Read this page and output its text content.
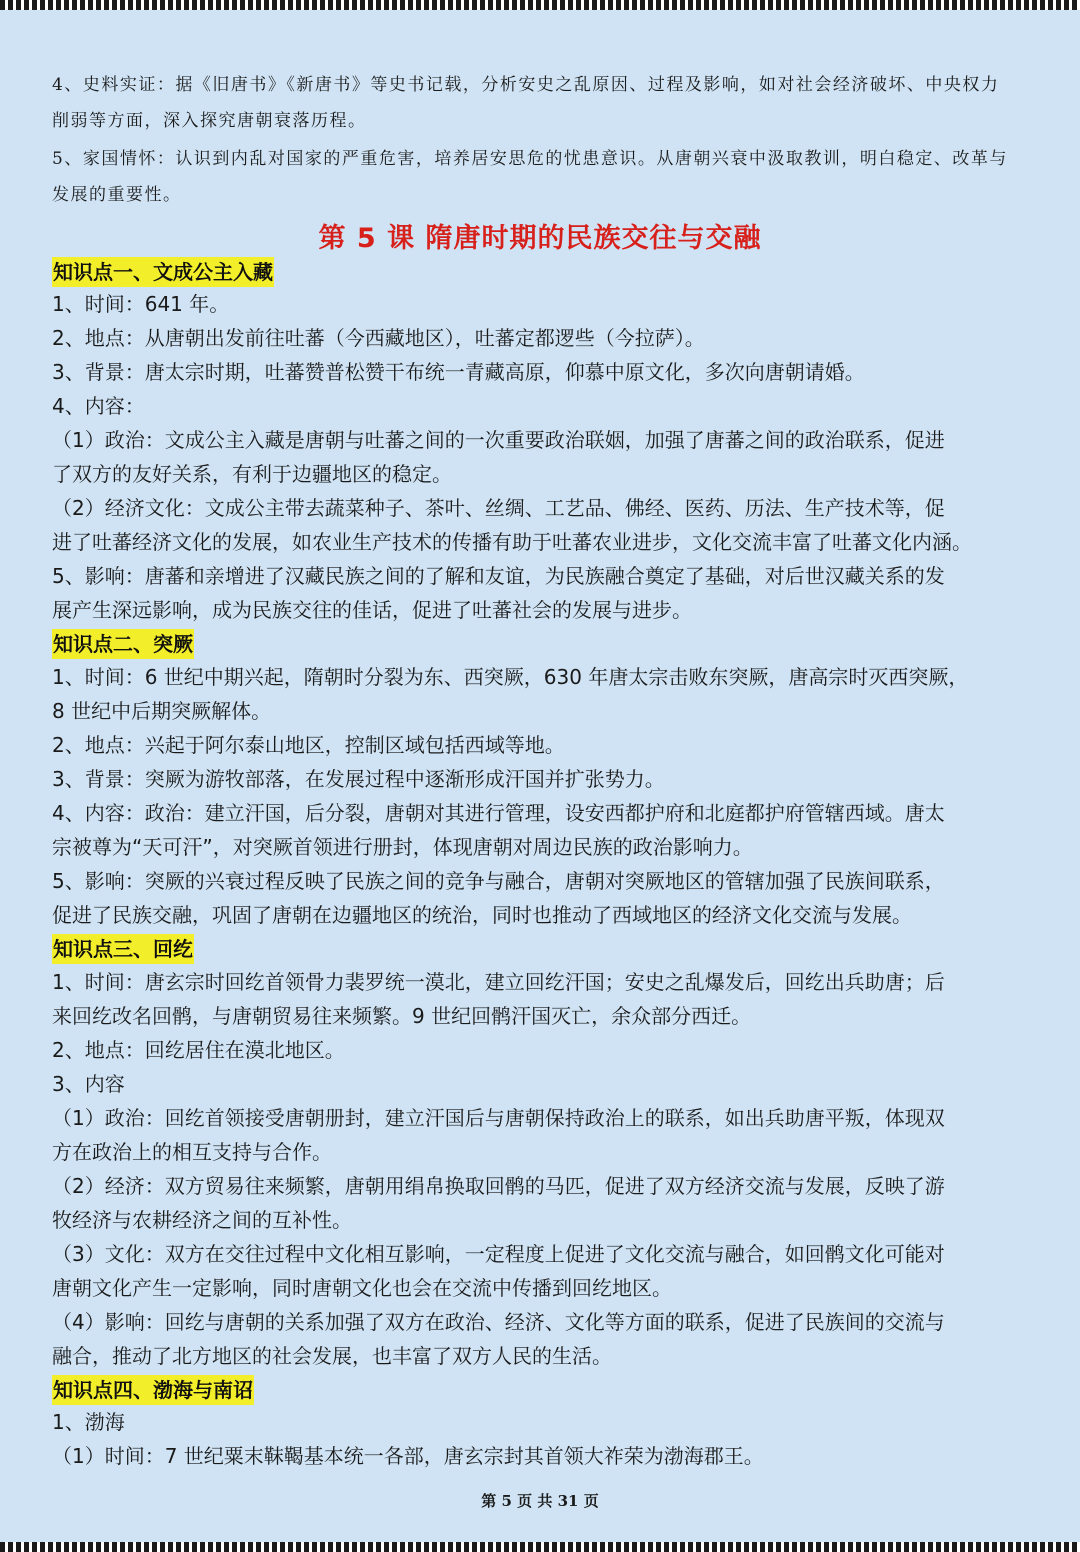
4、史料实证：据《旧唐书》《新唐书》等史书记载，分析安史之乱原因、过程及影响，如对社会经济破坏、中央权力
削弱等方面，深入探究唐朝衰落历程。
5、家国情怀：认识到内乱对国家的严重危害，培养居安思危的忧患意识。从唐朝兴衰中汲取教训，明白稳定、改革与
发展的重要性。
第 5 课 隋唐时期的民族交往与交融
知识点一、文成公主入藏
1、时间：641 年。
2、地点：从唐朝出发前往吐蕃（今西藏地区），吐蕃定都逻些（今拉萨）。
3、背景：唐太宗时期，吐蕃赞普松赞干布统一青藏高原，仰慕中原文化，多次向唐朝请婚。
4、内容：
（1）政治：文成公主入藏是唐朝与吐蕃之间的一次重要政治联姻，加强了唐蕃之间的政治联系，促进
了双方的友好关系，有利于边疆地区的稳定。
（2）经济文化：文成公主带去蔬菜种子、茶叶、丝绸、工艺品、佛经、医药、历法、生产技术等，促
进了吐蕃经济文化的发展，如农业生产技术的传播有助于吐蕃农业进步，文化交流丰富了吐蕃文化内涵。
5、影响：唐蕃和亲增进了汉藏民族之间的了解和友谊，为民族融合奠定了基础，对后世汉藏关系的发
展产生深远影响，成为民族交往的佳话，促进了吐蕃社会的发展与进步。
知识点二、突厥
1、时间：6 世纪中期兴起，隋朝时分裂为东、西突厥，630 年唐太宗击败东突厥，唐高宗时灭西突厥，
8 世纪中后期突厥解体。
2、地点：兴起于阿尔泰山地区，控制区域包括西域等地。
3、背景：突厥为游牧部落，在发展过程中逐渐形成汗国并扩张势力。
4、内容：政治：建立汗国，后分裂，唐朝对其进行管理，设安西都护府和北庭都护府管辖西域。唐太
宗被尊为“天可汗”，对突厥首领进行册封，体现唐朝对周边民族的政治影响力。
5、影响：突厥的兴衰过程反映了民族之间的竞争与融合，唐朝对突厥地区的管辖加强了民族间联系，
促进了民族交融，巩固了唐朝在边疆地区的统治，同时也推动了西域地区的经济文化交流与发展。
知识点三、回纥
1、时间：唐玄宗时回纥首领骨力裴罗统一漠北，建立回纥汗国；安史之乱爆发后，回纥出兵助唐；后
来回纥改名回鹘，与唐朝贸易往来频繁。9 世纪回鹘汗国灭亡，余众部分西迁。
2、地点：回纥居住在漠北地区。
3、内容
（1）政治：回纥首领接受唐朝册封，建立汗国后与唐朝保持政治上的联系，如出兵助唐平叛，体现双
方在政治上的相互支持与合作。
（2）经济：双方贸易往来频繁，唐朝用绢帛换取回鹘的马匹，促进了双方经济交流与发展，反映了游
牧经济与农耕经济之间的互补性。
（3）文化：双方在交往过程中文化相互影响，一定程度上促进了文化交流与融合，如回鹘文化可能对
唐朝文化产生一定影响，同时唐朝文化也会在交流中传播到回纥地区。
（4）影响：回纥与唐朝的关系加强了双方在政治、经济、文化等方面的联系，促进了民族间的交流与
融合，推动了北方地区的社会发展，也丰富了双方人民的生活。
知识点四、渤海与南诏
1、渤海
（1）时间：7 世纪粟末靺鞨基本统一各部，唐玄宗封其首领大祚荣为渤海郡王。
第 5 页 共 31 页
